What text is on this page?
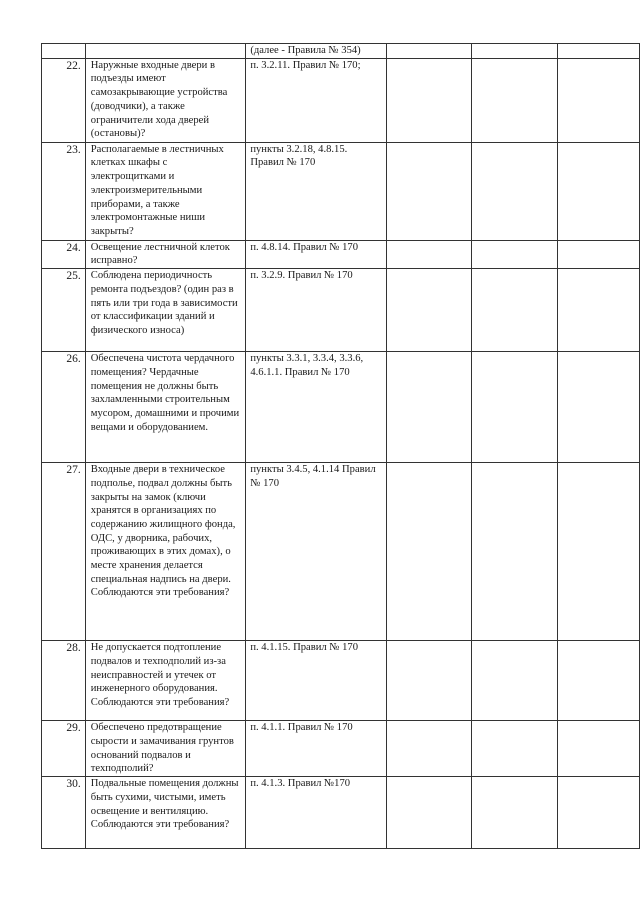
		(далее - Правила № 354)			
22.	Наружные входные двери в подъезды имеют самозакрывающие устройства (доводчики), а также ограничители хода дверей (остановы)?	п. 3.2.11. Правил № 170;			
23.	Располагаемые в лестничных клетках шкафы с электрощитками и электроизмерительными приборами, а также электромонтажные ниши закрыты?	пункты 3.2.18, 4.8.15. Правил № 170			
24.	Освещение лестничной клеток исправно?	п. 4.8.14. Правил № 170			
25.	Соблюдена периодичность ремонта подъездов? (один раз в пять или три года в зависимости от классификации зданий и физического износа)	п. 3.2.9. Правил № 170			
26.	Обеспечена чистота чердачного помещения? Чердачные помещения не должны быть захламленными строительным мусором, домашними и прочими вещами и оборудованием.	пункты 3.3.1, 3.3.4, 3.3.6, 4.6.1.1. Правил № 170			
27.	Входные двери в техническое подполье, подвал должны быть закрыты на замок (ключи хранятся в организациях по содержанию жилищного фонда, ОДС, у дворника, рабочих, проживающих в этих домах), о месте хранения делается специальная надпись на двери. Соблюдаются эти требования?	пункты 3.4.5, 4.1.14 Правил № 170			
28.	Не допускается подтопление подвалов и техподполий из-за неисправностей и утечек от инженерного оборудования. Соблюдаются эти требования?	п. 4.1.15. Правил № 170			
29.	Обеспечено предотвращение сырости и замачивания грунтов оснований подвалов и техподполий?	п. 4.1.1. Правил № 170			
30.	Подвальные помещения должны быть сухими, чистыми, иметь освещение и вентиляцию. Соблюдаются эти требования?	п. 4.1.3. Правил №170			
